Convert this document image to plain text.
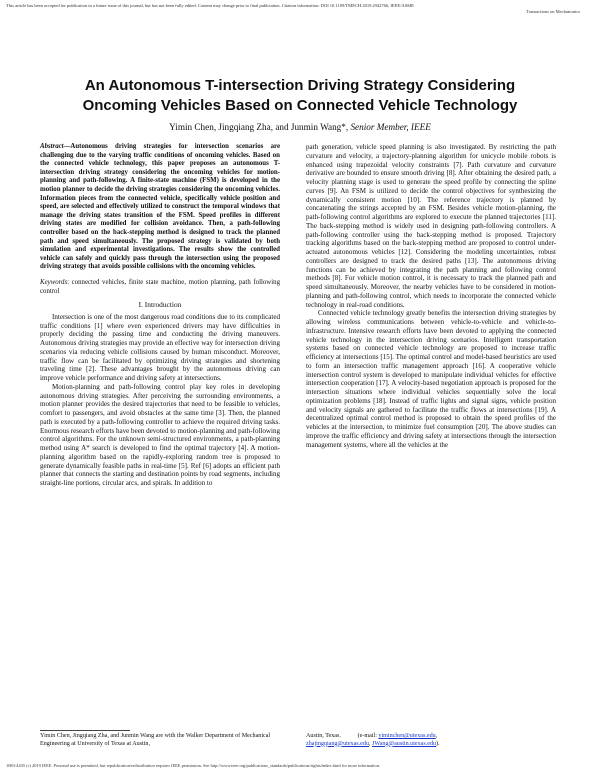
This article has been accepted for publication in a future issue of this journal, but has not been fully edited. Content may change prior to final publication. Citation information: DOI 10.1109/TMECH.2019.2942766, IEEE/ASME
Transactions on Mechatronics
An Autonomous T-intersection Driving Strategy Considering
Oncoming Vehicles Based on Connected Vehicle Technology
Yimin Chen, Jingqiang Zha, and Junmin Wang*, Senior Member, IEEE
Abstract—Autonomous driving strategies for intersection scenarios are challenging due to the varying traffic conditions of oncoming vehicles. Based on the connected vehicle technology, this paper proposes an autonomous T-intersection driving strategy considering the oncoming vehicles for motion-planning and path-following. A finite-state machine (FSM) is developed in the motion planner to decide the driving strategies considering the oncoming vehicles. Information pieces from the connected vehicle, specifically vehicle position and speed, are selected and effectively utilized to construct the temporal windows that manage the driving states transition of the FSM. Speed profiles in different driving states are modified for collision avoidance. Then, a path-following controller based on the back-stepping method is designed to track the planned path and speed simultaneously. The proposed strategy is validated by both simulation and experimental investigations. The results show the controlled vehicle can safely and quickly pass through the intersection using the proposed driving strategy that avoids possible collisions with the oncoming vehicles.
Keywords: connected vehicles, finite state machine, motion planning, path following control
I. Introduction

Intersection is one of the most dangerous road conditions due to its complicated traffic conditions [1] where even experienced drivers may have difficulties in properly deciding the passing time and conducting the driving maneuvers. Autonomous driving strategies may provide an effective way for intersection driving scenarios via reducing vehicle collisions caused by human misconduct. Moreover, traffic flow can be facilitated by optimizing driving strategies and shortening traveling time [2]. These advantages brought by the autonomous driving can improve vehicle performance and driving safety at intersections.

Motion-planning and path-following control play key roles in developing autonomous driving strategies. After perceiving the surrounding environments, a motion planner provides the desired trajectories that need to be feasible to vehicles, comfort to passengers, and avoid obstacles at the same time [3]. Then, the planned path is executed by a path-following controller to achieve the required driving tasks. Enormous research efforts have been devoted to motion-planning and path-following control algorithms. For the unknown semi-structured environments, a path-planning method using A* search is developed to find the optimal trajectory [4]. A motion-planning algorithm based on the rapidly-exploring random tree is proposed to generate dynamically feasible paths in real-time [5]. Ref [6] adopts an efficient path planner that connects the starting and destination points by road segments, including straight-line portions, circular arcs, and spirals. In addition to

path generation, vehicle speed planning is also investigated. By restricting the path curvature and velocity, a trajectory-planning algorithm for unicycle mobile robots is enhanced using trapezoidal velocity constraints [7]. Path curvature and curvature derivative are bounded to ensure smooth driving [8]. After obtaining the desired path, a velocity planning stage is used to generate the speed profile by connecting the spline curves [9]. An FSM is utilized to decide the control objectives for synthesizing the dynamically consistent motion [10]. The reference trajectory is planned by concatenating the strings accepted by an FSM. Besides vehicle motion-planning, the path-following control algorithms are explored to execute the planned trajectories [11]. The back-stepping method is widely used in designing path-following controllers. A path-following controller using the back-stepping method is proposed. Trajectory tracking algorithms based on the back-stepping method are proposed to control under-actuated autonomous vehicles [12]. Considering the modeling uncertainties, robust controllers are designed to track the desired paths [13]. The autonomous driving functions can be achieved by integrating the path planning and following control methods [8]. For vehicle motion control, it is necessary to track the planned path and speed simultaneously. Moreover, the nearby vehicles have to be considered in motion-planning and path-following control, which needs to incorporate the connected vehicle technology in real-road conditions.

Connected vehicle technology greatly benefits the intersection driving strategies by allowing wireless communications between vehicle-to-vehicle and vehicle-to-infrastructure. Intensive research efforts have been devoted to applying the connected vehicle technology in the intersection driving scenarios. Intelligent transportation systems based on connected vehicle technology are proposed to increase traffic efficiency at intersections [15]. The optimal control and model-based heuristics are used to form an intersection traffic management approach [16]. A cooperative vehicle intersection control system is developed to manipulate individual vehicles for effective intersection cooperation [17]. A velocity-based negotiation approach is proposed for the intersection situations where individual vehicles sequentially solve the local optimization problems [18]. Instead of traffic lights and signal signs, vehicle position and velocity signals are gathered to facilitate the traffic flows at intersections [19]. A decentralized optimal control method is proposed to obtain the speed profiles of the vehicles at the intersection, to minimize fuel consumption [20]. The above studies can improve the traffic efficiency and driving safety at intersections through the intersection management systems, where all the vehicles at the

Yimin Chen, Jingqiang Zha, and Junmin Wang are with the Walker Department of Mechanical Engineering at University of Texas at Austin,
Austin, Texas.	(e-mail: yiminchen@utexas.edu,
zhajingqiang@utexas.edu, JWang@austin.utexas.edu).
1083-4435 (c) 2019 IEEE. Personal use is permitted, but republication/redistribution requires IEEE permission. See http://www.ieee.org/publications_standards/publications/rights/index.html for more information.
